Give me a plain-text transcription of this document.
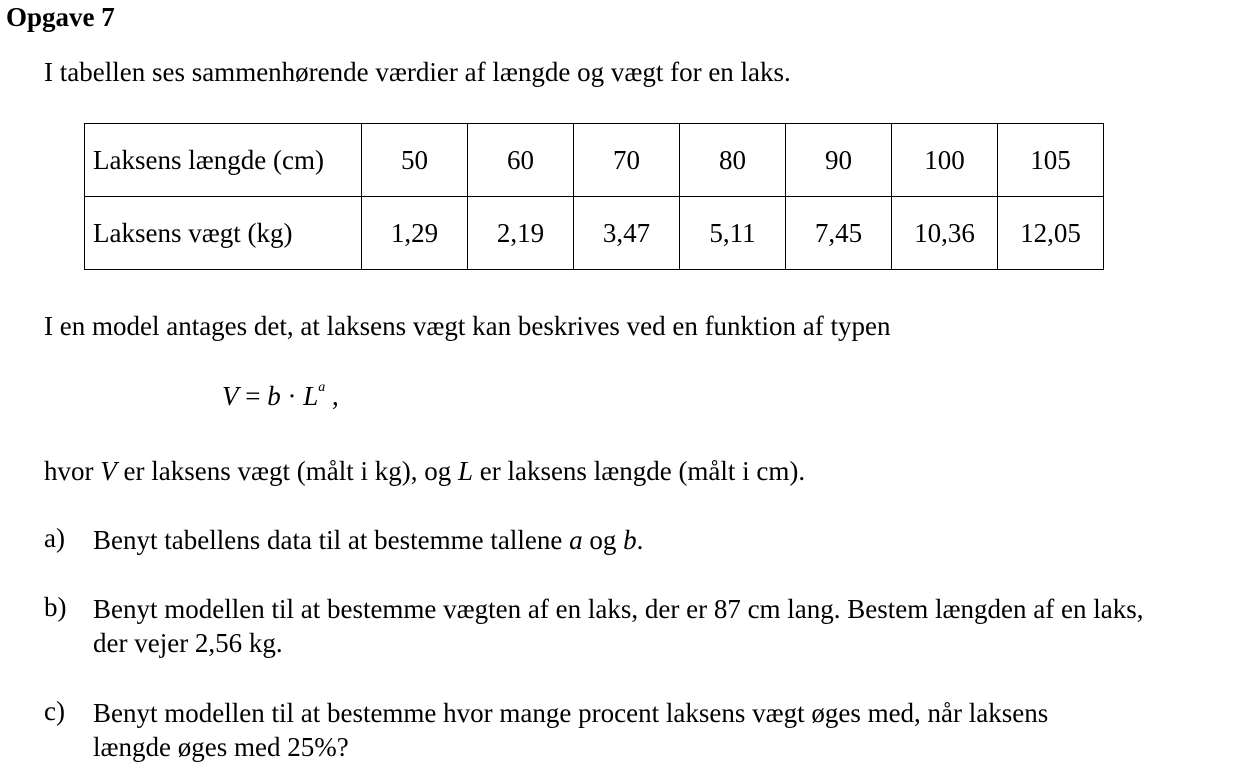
Opgave 7
I tabellen ses sammenhørende værdier af længde og vægt for en laks.
Laksens længde (cm)	50	60	70	80	90	100	105
Laksens vægt (kg)	1,29	2,19	3,47	5,11	7,45	10,36	12,05
I en model antages det, at laksens vægt kan beskrives ved en funktion af typen
$V = b \cdot L^a$ ,
hvor V er laksens vægt (målt i kg), og L er laksens længde (målt i cm).
a) Benyt tabellens data til at bestemme tallene a og b.
b) Benyt modellen til at bestemme vægten af en laks, der er 87 cm lang. Bestem længden af en laks, der vejer 2,56 kg.
c) Benyt modellen til at bestemme hvor mange procent laksens vægt øges med, når laksens længde øges med 25%?
